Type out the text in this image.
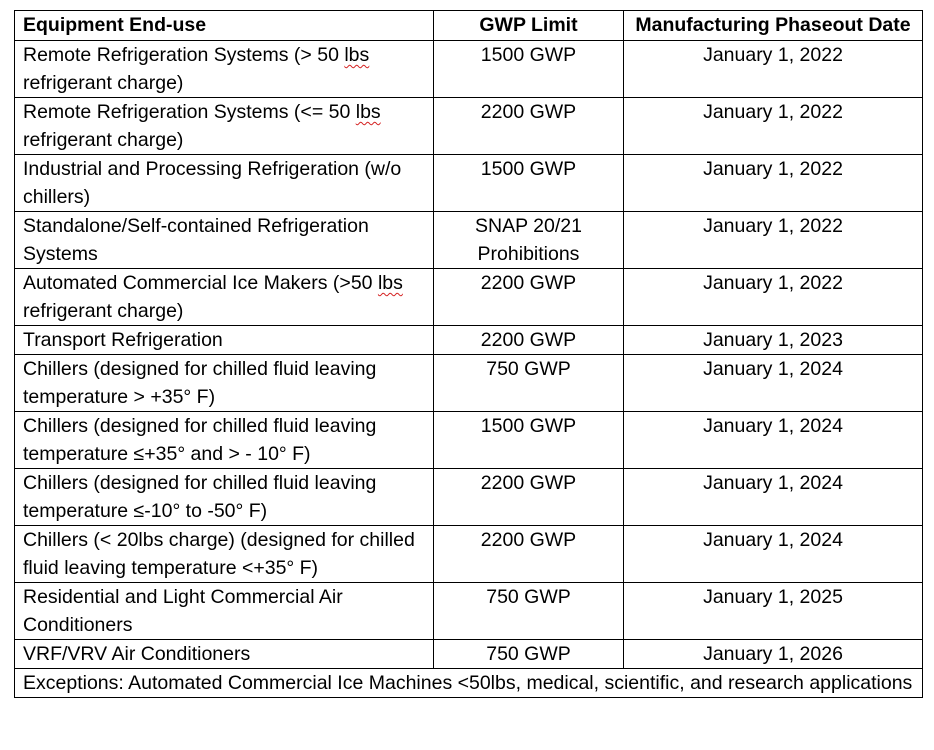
Equipment End-use	GWP Limit	Manufacturing Phaseout Date
Remote Refrigeration Systems (> 50 lbs refrigerant charge)	1500 GWP	January 1, 2022
Remote Refrigeration Systems (<= 50 lbs refrigerant charge)	2200 GWP	January 1, 2022
Industrial and Processing Refrigeration (w/o chillers)	1500 GWP	January 1, 2022
Standalone/Self-contained Refrigeration Systems	SNAP 20/21 Prohibitions	January 1, 2022
Automated Commercial Ice Makers (>50 lbs refrigerant charge)	2200 GWP	January 1, 2022
Transport Refrigeration	2200 GWP	January 1, 2023
Chillers (designed for chilled fluid leaving temperature > +35° F)	750 GWP	January 1, 2024
Chillers (designed for chilled fluid leaving temperature ≤+35° and > - 10° F)	1500 GWP	January 1, 2024
Chillers (designed for chilled fluid leaving temperature ≤-10° to -50° F)	2200 GWP	January 1, 2024
Chillers (< 20lbs charge) (designed for chilled fluid leaving temperature <+35° F)	2200 GWP	January 1, 2024
Residential and Light Commercial Air Conditioners	750 GWP	January 1, 2025
VRF/VRV Air Conditioners	750 GWP	January 1, 2026
Exceptions: Automated Commercial Ice Machines <50lbs, medical, scientific, and research applications		
